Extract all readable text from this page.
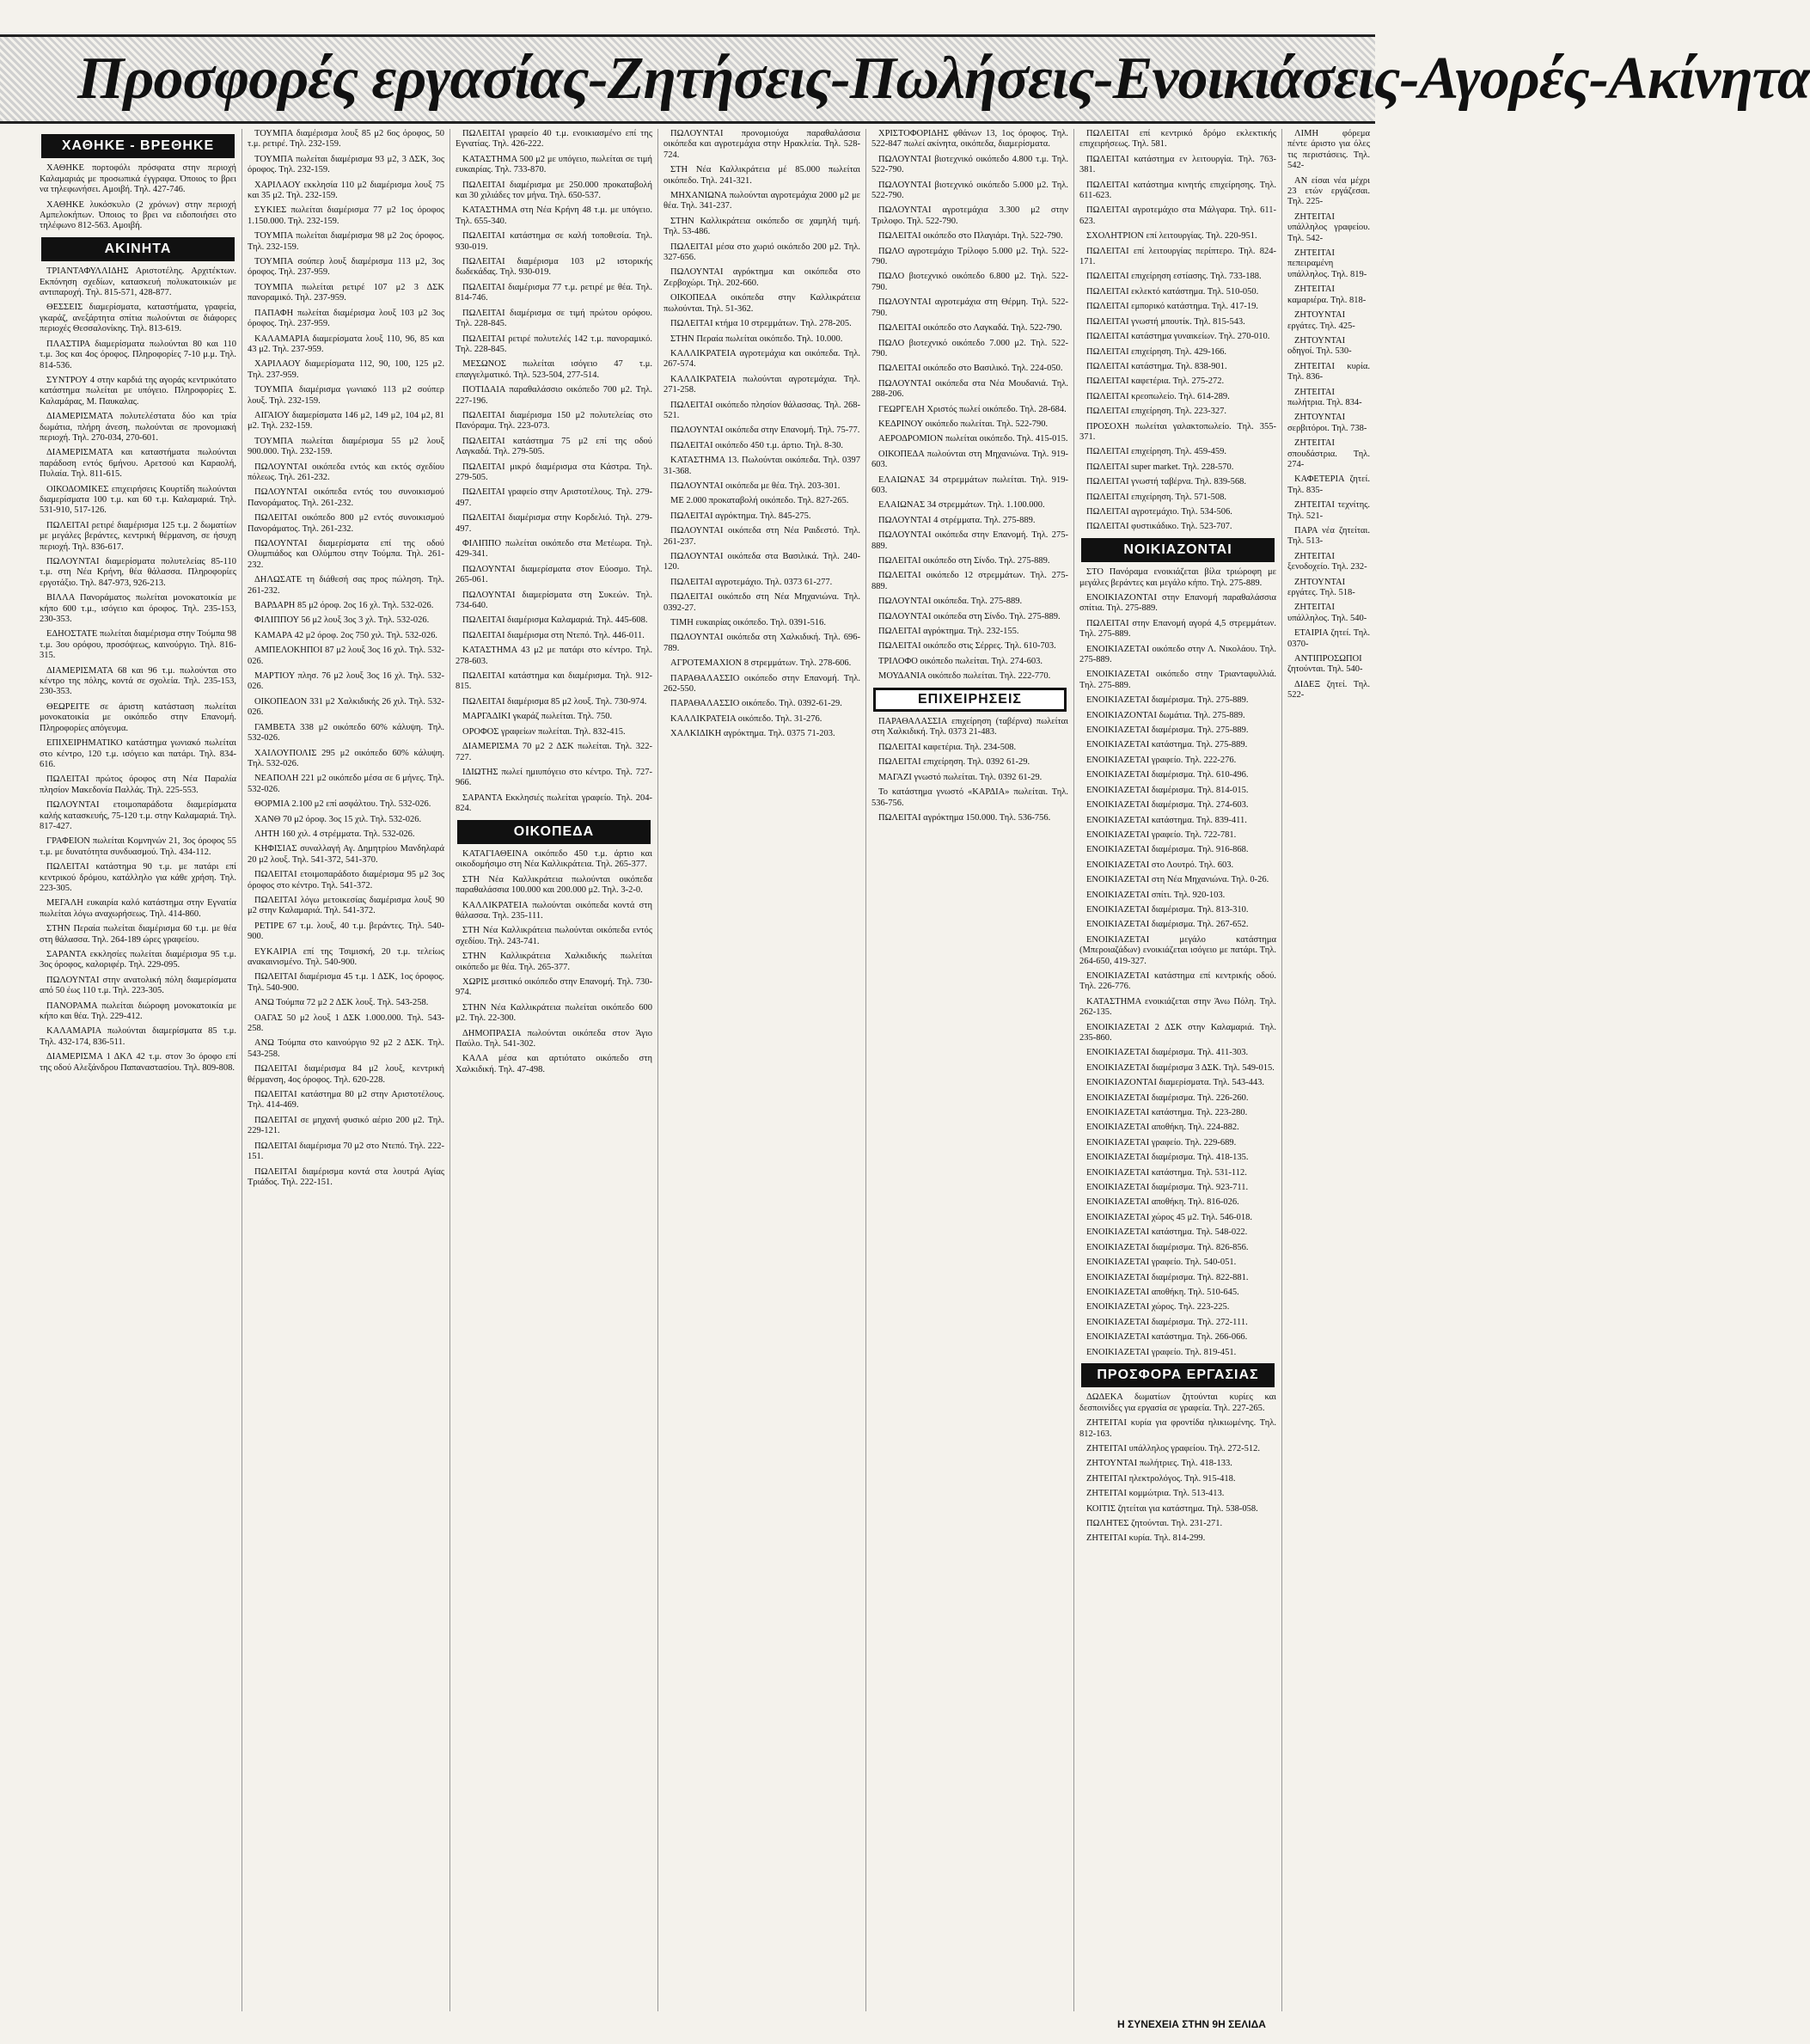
Προσφορές εργασίας-Ζητήσεις-Πωλήσεις-Ενοικιάσεις-Αγορές-Ακίνητα
ΧΑΘΗΚΕ - ΒΡΕΘΗΚΕ

ΧΑΘΗΚΕ πορτοφόλι πρόσφατα στην περιοχή Καλαμαριάς με προσωπικά έγγραφα. Όποιος το βρει να τηλεφωνήσει. Αμοιβή. Τηλ. 427-746.

ΧΑΘΗΚΕ λυκόσκυλο (2 χρόνων) στην περιοχή Αμπελοκήπων. Όποιος το βρει να ειδοποιήσει στο τηλέφωνο 812-563. Αμοιβή.

ΑΚΙΝΗΤΑ

ΤΡΙΑΝΤΑΦΥΛΛΙΔΗΣ Αριστοτέλης. Αρχιτέκτων. Εκπόνηση σχεδίων, κατασκευή πολυκατοικιών με αντιπαροχή. Τηλ. 815-571, 428-877.

ΘΕΣΣΕΙΣ διαμερίσματα, καταστήματα, γραφεία, γκαράζ, ανεξάρτητα σπίτια πωλούνται σε διάφορες περιοχές Θεσσαλονίκης. Τηλ. 813-619.

ΠΛΑΣΤΙΡΑ διαμερίσματα πωλούνται 80 και 110 τ.μ. 3ος και 4ος όροφος. Πληροφορίες 7-10 μ.μ. Τηλ. 814-536.

ΣΥΝΤΡΟΥ 4 στην καρδιά της αγοράς κεντρικότατο κατάστημα πωλείται με υπόγειο. Πληροφορίες Σ. Καλαμάρας, Μ. Παυκαλας.

ΔΙΑΜΕΡΙΣΜΑΤΑ πολυτελέστατα δύο και τρία δωμάτια, πλήρη άνεση, πωλούνται σε προνομιακή περιοχή. Τηλ. 270-034, 270-601.

ΔΙΑΜΕΡΙΣΜΑΤΑ και καταστήματα πωλούνται παράδοση εντός 6μήνου. Αρετσού και Καραολή, Πυλαία. Τηλ. 811-615.

ΟΙΚΟΔΟΜΙΚΕΣ επιχειρήσεις Κουρτίδη πωλούνται διαμερίσματα 100 τ.μ. και 60 τ.μ. Καλαμαριά. Τηλ. 531-910, 517-126.

ΠΩΛΕΙΤΑΙ ρετιρέ διαμέρισμα 125 τ.μ. 2 δωματίων με μεγάλες βεράντες, κεντρική θέρμανση, σε ήσυχη περιοχή. Τηλ. 836-617.

ΠΩΛΟΥΝΤΑΙ διαμερίσματα πολυτελείας 85-110 τ.μ. στη Νέα Κρήνη, θέα θάλασσα. Πληροφορίες εργοτάξιο. Τηλ. 847-973, 926-213.

ΒΙΛΛΑ Πανοράματος πωλείται μονοκατοικία με κήπο 600 τ.μ., ισόγειο και όροφος. Τηλ. 235-153, 230-353.

ΕΔΗΟΣΤΑΤΕ πωλείται διαμέρισμα στην Τούμπα 98 τ.μ. 3ου ορόφου, προσόψεως, καινούργιο. Τηλ. 816-315.

ΔΙΑΜΕΡΙΣΜΑΤΑ 68 και 96 τ.μ. πωλούνται στο κέντρο της πόλης, κοντά σε σχολεία. Τηλ. 235-153, 230-353.

ΘΕΩΡΕΙΤΕ σε άριστη κατάσταση πωλείται μονοκατοικία με οικόπεδο στην Επανομή. Πληροφορίες απόγευμα.

ΕΠΙΧΕΙΡΗΜΑΤΙΚΟ κατάστημα γωνιακό πωλείται στο κέντρο, 120 τ.μ. ισόγειο και πατάρι. Τηλ. 834-616.

ΠΩΛΕΙΤΑΙ πρώτος όροφος στη Νέα Παραλία πλησίον Μακεδονία Παλλάς. Τηλ. 225-553.

ΠΩΛΟΥΝΤΑΙ ετοιμοπαράδοτα διαμερίσματα καλής κατασκευής, 75-120 τ.μ. στην Καλαμαριά. Τηλ. 817-427.

ΓΡΑΦΕΙΟΝ πωλείται Κομνηνών 21, 3ος όροφος 55 τ.μ. με δυνατότητα συνδυασμού. Τηλ. 434-112.

ΠΩΛΕΙΤΑΙ κατάστημα 90 τ.μ. με πατάρι επί κεντρικού δρόμου, κατάλληλο για κάθε χρήση. Τηλ. 223-305.

ΜΕΓΑΛΗ ευκαιρία καλό κατάστημα στην Εγνατία πωλείται λόγω αναχωρήσεως. Τηλ. 414-860.

ΣΤΗΝ Περαία πωλείται διαμέρισμα 60 τ.μ. με θέα στη θάλασσα. Τηλ. 264-189 ώρες γραφείου.

ΣΑΡΑΝΤΑ εκκλησίες πωλείται διαμέρισμα 95 τ.μ. 3ος όροφος, καλοριφέρ. Τηλ. 229-095.

ΠΩΛΟΥΝΤΑΙ στην ανατολική πόλη διαμερίσματα από 50 έως 110 τ.μ. Τηλ. 223-305.

ΠΑΝΟΡΑΜΑ πωλείται διώροφη μονοκατοικία με κήπο και θέα. Τηλ. 229-412.

ΚΑΛΑΜΑΡΙΑ πωλούνται διαμερίσματα 85 τ.μ. Τηλ. 432-174, 836-511.

ΔΙΑΜΕΡΙΣΜΑ 1 ΔΚΛ 42 τ.μ. στον 3ο όροφο επί της οδού Αλεξάνδρου Παπαναστασίου. Τηλ. 809-808.

ΤΟΥΜΠΑ διαμέρισμα λουξ 85 μ2 6ος όροφος, 50 τ.μ. ρετιρέ. Τηλ. 232-159.

ΤΟΥΜΠΑ πωλείται διαμέρισμα 93 μ2, 3 ΔΣΚ, 3ος όροφος. Τηλ. 232-159.

ΧΑΡΙΛΑΟΥ εκκλησία 110 μ2 διαμέρισμα λουξ 75 και 35 μ2. Τηλ. 232-159.

ΣΥΚΙΕΣ πωλείται διαμέρισμα 77 μ2 1ος όροφος 1.150.000. Τηλ. 232-159.

ΤΟΥΜΠΑ πωλείται διαμέρισμα 98 μ2 2ος όροφος. Τηλ. 232-159.

ΤΟΥΜΠΑ σούπερ λουξ διαμέρισμα 113 μ2, 3ος όροφος. Τηλ. 237-959.

ΤΟΥΜΠΑ πωλείται ρετιρέ 107 μ2 3 ΔΣΚ πανοραμικό. Τηλ. 237-959.

ΠΑΠΑΦΗ πωλείται διαμέρισμα λουξ 103 μ2 3ος όροφος. Τηλ. 237-959.

ΚΑΛΑΜΑΡΙΑ διαμερίσματα λουξ 110, 96, 85 και 43 μ2. Τηλ. 237-959.

ΧΑΡΙΛΑΟΥ διαμερίσματα 112, 90, 100, 125 μ2. Τηλ. 237-959.

ΤΟΥΜΠΑ διαμέρισμα γωνιακό 113 μ2 σούπερ λουξ. Τηλ. 232-159.

ΑΙΓΑΙΟΥ διαμερίσματα 146 μ2, 149 μ2, 104 μ2, 81 μ2. Τηλ. 232-159.

ΤΟΥΜΠΑ πωλείται διαμέρισμα 55 μ2 λουξ 900.000. Τηλ. 232-159.

ΠΩΛΟΥΝΤΑΙ οικόπεδα εντός και εκτός σχεδίου πόλεως. Τηλ. 261-232.

ΠΩΛΟΥΝΤΑΙ οικόπεδα εντός του συνοικισμού Πανοράματος. Τηλ. 261-232.

ΠΩΛΕΙΤΑΙ οικόπεδο 800 μ2 εντός συνοικισμού Πανοράματος. Τηλ. 261-232.

ΠΩΛΟΥΝΤΑΙ διαμερίσματα επί της οδού Ολυμπιάδος και Ολύμπου στην Τούμπα. Τηλ. 261-232.

ΔΗΛΩΣΑΤΕ τη διάθεσή σας προς πώληση. Τηλ. 261-232.

ΒΑΡΔΑΡΗ 85 μ2 όροφ. 2ος 16 χλ. Τηλ. 532-026.

ΦΙΛΙΠΠΟΥ 56 μ2 λουξ 3ος 3 χλ. Τηλ. 532-026.

ΚΑΜΑΡΑ 42 μ2 όροφ. 2ος 750 χιλ. Τηλ. 532-026.

ΑΜΠΕΛΟΚΗΠΟΙ 87 μ2 λουξ 3ος 16 χιλ. Τηλ. 532-026.

ΜΑΡΤΙΟΥ πλησ. 76 μ2 λουξ 3ος 16 χλ. Τηλ. 532-026.

ΟΙΚΟΠΕΔΟΝ 331 μ2 Χαλκιδικής 26 χιλ. Τηλ. 532-026.

ΓΑΜΒΕΤΑ 338 μ2 οικόπεδο 60% κάλυψη. Τηλ. 532-026.

ΧΑΙΛΟΥΠΟΛΙΣ 295 μ2 οικόπεδο 60% κάλυψη. Τηλ. 532-026.

ΝΕΑΠΟΛΗ 221 μ2 οικόπεδο μέσα σε 6 μήνες. Τηλ. 532-026.

ΘΟΡΜΙΑ 2.100 μ2 επί ασφάλτου. Τηλ. 532-026.

ΧΑΝΘ 70 μ2 όροφ. 3ος 15 χιλ. Τηλ. 532-026.

ΛΗΤΗ 160 χιλ. 4 στρέμματα. Τηλ. 532-026.

ΚΗΦΙΣΙΑΣ συναλλαγή Αγ. Δημητρίου Μανδηλαρά 20 μ2 λουξ. Τηλ. 541-372, 541-370.

ΠΩΛΕΙΤΑΙ ετοιμοπαράδοτο διαμέρισμα 95 μ2 3ος όροφος στο κέντρο. Τηλ. 541-372.

ΠΩΛΕΙΤΑΙ λόγω μετοικεσίας διαμέρισμα λουξ 90 μ2 στην Καλαμαριά. Τηλ. 541-372.

ΡΕΤΙΡΕ 67 τ.μ. λουξ, 40 τ.μ. βεράντες. Τηλ. 540-900.

ΕΥΚΑΙΡΙΑ επί της Τσιμισκή, 20 τ.μ. τελείως ανακαινισμένο. Τηλ. 540-900.

ΠΩΛΕΙΤΑΙ διαμέρισμα 45 τ.μ. 1 ΔΣΚ, 1ος όροφος. Τηλ. 540-900.

ΑΝΩ Τούμπα 72 μ2 2 ΔΣΚ λουξ. Τηλ. 543-258.

ΟΑΓΑΣ 50 μ2 λουξ 1 ΔΣΚ 1.000.000. Τηλ. 543-258.

ΑΝΩ Τούμπα στο καινούργιο 92 μ2 2 ΔΣΚ. Τηλ. 543-258.

ΠΩΛΕΙΤΑΙ διαμέρισμα 84 μ2 λουξ, κεντρική θέρμανση, 4ος όροφος. Τηλ. 620-228.

ΠΩΛΕΙΤΑΙ κατάστημα 80 μ2 στην Αριστοτέλους. Τηλ. 414-469.

ΠΩΛΕΙΤΑΙ σε μηχανή φυσικό αέριο 200 μ2. Τηλ. 229-121.

ΠΩΛΕΙΤΑΙ διαμέρισμα 70 μ2 στο Ντεπό. Τηλ. 222-151.

ΠΩΛΕΙΤΑΙ διαμέρισμα κοντά στα λουτρά Αγίας Τριάδος. Τηλ. 222-151.

ΠΩΛΕΙΤΑΙ γραφείο 40 τ.μ. ενοικιασμένο επί της Εγνατίας. Τηλ. 426-222.

ΚΑΤΑΣΤΗΜΑ 500 μ2 με υπόγειο, πωλείται σε τιμή ευκαιρίας. Τηλ. 733-870.

ΠΩΛΕΙΤΑΙ διαμέρισμα με 250.000 προκαταβολή και 30 χιλιάδες τον μήνα. Τηλ. 650-537.

ΚΑΤΑΣΤΗΜΑ στη Νέα Κρήνη 48 τ.μ. με υπόγειο. Τηλ. 655-340.

ΠΩΛΕΙΤΑΙ κατάστημα σε καλή τοποθεσία. Τηλ. 930-019.

ΠΩΛΕΙΤΑΙ διαμέρισμα 103 μ2 ιστορικής δωδεκάδας. Τηλ. 930-019.

ΠΩΛΕΙΤΑΙ διαμέρισμα 77 τ.μ. ρετιρέ με θέα. Τηλ. 814-746.

ΠΩΛΕΙΤΑΙ διαμέρισμα σε τιμή πρώτου ορόφου. Τηλ. 228-845.

ΠΩΛΕΙΤΑΙ ρετιρέ πολυτελές 142 τ.μ. πανοραμικό. Τηλ. 228-845.

ΜΕΣΩΝΟΣ πωλείται ισόγειο 47 τ.μ. επαγγελματικό. Τηλ. 523-504, 277-514.

ΠΟΤΙΔΑΙΑ παραθαλάσσιο οικόπεδο 700 μ2. Τηλ. 227-196.

ΠΩΛΕΙΤΑΙ διαμέρισμα 150 μ2 πολυτελείας στο Πανόραμα. Τηλ. 223-073.

ΠΩΛΕΙΤΑΙ κατάστημα 75 μ2 επί της οδού Λαγκαδά. Τηλ. 279-505.

ΠΩΛΕΙΤΑΙ μικρό διαμέρισμα στα Κάστρα. Τηλ. 279-505.

ΠΩΛΕΙΤΑΙ γραφείο στην Αριστοτέλους. Τηλ. 279-497.

ΠΩΛΕΙΤΑΙ διαμέρισμα στην Κορδελιό. Τηλ. 279-497.

ΦΙΛΙΠΠΟ πωλείται οικόπεδο στα Μετέωρα. Τηλ. 429-341.

ΠΩΛΟΥΝΤΑΙ διαμερίσματα στον Εύοσμο. Τηλ. 265-061.

ΠΩΛΟΥΝΤΑΙ διαμερίσματα στη Συκεών. Τηλ. 734-640.

ΠΩΛΕΙΤΑΙ διαμέρισμα Καλαμαριά. Τηλ. 445-608.

ΠΩΛΕΙΤΑΙ διαμέρισμα στη Ντεπό. Τηλ. 446-011.

ΚΑΤΑΣΤΗΜΑ 43 μ2 με πατάρι στο κέντρο. Τηλ. 278-603.

ΠΩΛΕΙΤΑΙ κατάστημα και διαμέρισμα. Τηλ. 912-815.

ΠΩΛΕΙΤΑΙ διαμέρισμα 85 μ2 λουξ. Τηλ. 730-974.

ΜΑΡΓΑΔΙΚΙ γκαράζ πωλείται. Τηλ. 750.

ΟΡΟΦΟΣ γραφείων πωλείται. Τηλ. 832-415.

ΔΙΑΜΕΡΙΣΜΑ 70 μ2 2 ΔΣΚ πωλείται. Τηλ. 322-727.

ΙΔΙΩΤΗΣ πωλεί ημιυπόγειο στο κέντρο. Τηλ. 727-966.

ΣΑΡΑΝΤΑ Εκκλησιές πωλείται γραφείο. Τηλ. 204-824.

ΟΙΚΟΠΕΔΑ

ΚΑΤΑΓΙΑΘΕΙΝΑ οικόπεδο 450 τ.μ. άρτιο και οικοδομήσιμο στη Νέα Καλλικράτεια. Τηλ. 265-377.

ΣΤΗ Νέα Καλλικράτεια πωλούνται οικόπεδα παραθαλάσσια 100.000 και 200.000 μ2. Τηλ. 3-2-0.

ΚΑΛΛΙΚΡΑΤΕΙΑ πωλούνται οικόπεδα κοντά στη θάλασσα. Τηλ. 235-111.

ΣΤΗ Νέα Καλλικράτεια πωλούνται οικόπεδα εντός σχεδίου. Τηλ. 243-741.

ΣΤΗΝ Καλλικράτεια Χαλκιδικής πωλείται οικόπεδο με θέα. Τηλ. 265-377.

ΧΩΡΙΣ μεσιτικό οικόπεδο στην Επανομή. Τηλ. 730-974.

ΣΤΗΝ Νέα Καλλικράτεια πωλείται οικόπεδο 600 μ2. Τηλ. 22-300.

ΔΗΜΟΠΡΑΣΙΑ πωλούνται οικόπεδα στον Άγιο Παύλο. Τηλ. 541-302.

ΚΑΛΑ μέσα και αρτιότατο οικόπεδο στη Χαλκιδική. Τηλ. 47-498.

ΠΩΛΟΥΝΤΑΙ προνομιούχα παραθαλάσσια οικόπεδα και αγροτεμάχια στην Ηρακλεία. Τηλ. 528-724.

ΣΤΗ Νέα Καλλικράτεια μέ 85.000 πωλείται οικόπεδο. Τηλ. 241-321.

ΜΗΧΑΝΙΩΝΑ πωλούνται αγροτεμάχια 2000 μ2 με θέα. Τηλ. 341-237.

ΣΤΗΝ Καλλικράτεια οικόπεδο σε χαμηλή τιμή. Τηλ. 53-486.

ΠΩΛΕΙΤΑΙ μέσα στο χωριό οικόπεδο 200 μ2. Τηλ. 327-656.

ΠΩΛΟΥΝΤΑΙ αγρόκτημα και οικόπεδα στο Ζερβοχώρι. Τηλ. 202-660.

ΟΙΚΟΠΕΔΑ οικόπεδα στην Καλλικράτεια πωλούνται. Τηλ. 51-362.

ΠΩΛΕΙΤΑΙ κτήμα 10 στρεμμάτων. Τηλ. 278-205.

ΣΤΗΝ Περαία πωλείται οικόπεδο. Τηλ. 10.000.

ΚΑΛΛΙΚΡΑΤΕΙΑ αγροτεμάχια και οικόπεδα. Τηλ. 267-574.

ΚΑΛΛΙΚΡΑΤΕΙΑ πωλούνται αγροτεμάχια. Τηλ. 271-258.

ΠΩΛΕΙΤΑΙ οικόπεδο πλησίον θάλασσας. Τηλ. 268-521.

ΠΩΛΟΥΝΤΑΙ οικόπεδα στην Επανομή. Τηλ. 75-77.

ΠΩΛΕΙΤΑΙ οικόπεδο 450 τ.μ. άρτιο. Τηλ. 8-30.

ΚΑΤΑΣΤΗΜΑ 13. Πωλούνται οικόπεδα. Τηλ. 0397 31-368.

ΠΩΛΟΥΝΤΑΙ οικόπεδα με θέα. Τηλ. 203-301.

ΜΕ 2.000 προκαταβολή οικόπεδο. Τηλ. 827-265.

ΠΩΛΕΙΤΑΙ αγρόκτημα. Τηλ. 845-275.

ΠΩΛΟΥΝΤΑΙ οικόπεδα στη Νέα Ραιδεστό. Τηλ. 261-237.

ΠΩΛΟΥΝΤΑΙ οικόπεδα στα Βασιλικά. Τηλ. 240-120.

ΠΩΛΕΙΤΑΙ αγροτεμάχιο. Τηλ. 0373 61-277.

ΠΩΛΕΙΤΑΙ οικόπεδο στη Νέα Μηχανιώνα. Τηλ. 0392-27.

ΤΙΜΗ ευκαιρίας οικόπεδο. Τηλ. 0391-516.

ΠΩΛΟΥΝΤΑΙ οικόπεδα στη Χαλκιδική. Τηλ. 696-789.

ΑΓΡΟΤΕΜΑΧΙΟΝ 8 στρεμμάτων. Τηλ. 278-606.

ΠΑΡΑΘΑΛΑΣΣΙΟ οικόπεδο στην Επανομή. Τηλ. 262-550.

ΠΑΡΑΘΑΛΑΣΣΙΟ οικόπεδο. Τηλ. 0392-61-29.

ΚΑΛΛΙΚΡΑΤΕΙΑ οικόπεδο. Τηλ. 31-276.

ΧΑΛΚΙΔΙΚΗ αγρόκτημα. Τηλ. 0375 71-203.

ΧΡΙΣΤΟΦΟΡΙΔΗΣ φθάνων 13, 1ος όροφος. Τηλ. 522-847 πωλεί ακίνητα, οικόπεδα, διαμερίσματα.

ΠΩΛΟΥΝΤΑΙ βιοτεχνικό οικόπεδο 4.800 τ.μ. Τηλ. 522-790.

ΠΩΛΟΥΝΤΑΙ βιοτεχνικό οικόπεδο 5.000 μ2. Τηλ. 522-790.

ΠΩΛΟΥΝΤΑΙ αγροτεμάχια 3.300 μ2 στην Τριλοφο. Τηλ. 522-790.

ΠΩΛΕΙΤΑΙ οικόπεδο στο Πλαγιάρι. Τηλ. 522-790.

ΠΩΛΟ αγροτεμάχιο Τρίλοφο 5.000 μ2. Τηλ. 522-790.

ΠΩΛΟ βιοτεχνικό οικόπεδο 6.800 μ2. Τηλ. 522-790.

ΠΩΛΟΥΝΤΑΙ αγροτεμάχια στη Θέρμη. Τηλ. 522-790.

ΠΩΛΕΙΤΑΙ οικόπεδο στο Λαγκαδά. Τηλ. 522-790.

ΠΩΛΟ βιοτεχνικό οικόπεδο 7.000 μ2. Τηλ. 522-790.

ΠΩΛΕΙΤΑΙ οικόπεδο στο Βασιλικό. Τηλ. 224-050.

ΠΩΛΟΥΝΤΑΙ οικόπεδα στα Νέα Μουδανιά. Τηλ. 288-206.

ΓΕΩΡΓΕΛΗ Χριστός πωλεί οικόπεδο. Τηλ. 28-684.

ΚΕΔΡΙΝΟΥ οικόπεδο πωλείται. Τηλ. 522-790.

ΑΕΡΟΔΡΟΜΙΟΝ πωλείται οικόπεδο. Τηλ. 415-015.

ΟΙΚΟΠΕΔΑ πωλούνται στη Μηχανιώνα. Τηλ. 919-603.

ΕΛΑΙΩΝΑΣ 34 στρεμμάτων πωλείται. Τηλ. 919-603.

ΕΛΑΙΩΝΑΣ 34 στρεμμάτων. Τηλ. 1.100.000.

ΠΩΛΟΥΝΤΑΙ 4 στρέμματα. Τηλ. 275-889.

ΠΩΛΟΥΝΤΑΙ οικόπεδα στην Επανομή. Τηλ. 275-889.

ΠΩΛΕΙΤΑΙ οικόπεδο στη Σίνδο. Τηλ. 275-889.

ΠΩΛΕΙΤΑΙ οικόπεδο 12 στρεμμάτων. Τηλ. 275-889.

ΠΩΛΟΥΝΤΑΙ οικόπεδα. Τηλ. 275-889.

ΠΩΛΟΥΝΤΑΙ οικόπεδα στη Σίνδο. Τηλ. 275-889.

ΠΩΛΕΙΤΑΙ αγρόκτημα. Τηλ. 232-155.

ΠΩΛΕΙΤΑΙ οικόπεδο στις Σέρρες. Τηλ. 610-703.

ΤΡΙΛΟΦΟ οικόπεδο πωλείται. Τηλ. 274-603.

ΜΟΥΔΑΝΙΑ οικόπεδο πωλείται. Τηλ. 222-770.

ΕΠΙΧΕΙΡΗΣΕΙΣ

ΠΑΡΑΘΑΛΑΣΣΙΑ επιχείρηση (ταβέρνα) πωλείται στη Χαλκιδική. Τηλ. 0373 21-483.

ΠΩΛΕΙΤΑΙ καφετέρια. Τηλ. 234-508.

ΠΩΛΕΙΤΑΙ επιχείρηση. Τηλ. 0392 61-29.

ΜΑΓΑΖΙ γνωστό πωλείται. Τηλ. 0392 61-29.

Το κατάστημα γνωστό «ΚΑΡΔΙΑ» πωλείται. Τηλ. 536-756.

ΠΩΛΕΙΤΑΙ αγρόκτημα 150.000. Τηλ. 536-756.

ΠΩΛΕΙΤΑΙ επί κεντρικό δρόμο εκλεκτικής επιχειρήσεως. Τηλ. 581.

ΠΩΛΕΙΤΑΙ κατάστημα εν λειτουργία. Τηλ. 763-381.

ΠΩΛΕΙΤΑΙ κατάστημα κινητής επιχείρησης. Τηλ. 611-623.

ΠΩΛΕΙΤΑΙ αγροτεμάχιο στα Μάλγαρα. Τηλ. 611-623.

ΣΧΟΛΗΤΡΙΟΝ επί λειτουργίας. Τηλ. 220-951.

ΠΩΛΕΙΤΑΙ επί λειτουργίας περίπτερο. Τηλ. 824-171.

ΠΩΛΕΙΤΑΙ επιχείρηση εστίασης. Τηλ. 733-188.

ΠΩΛΕΙΤΑΙ εκλεκτό κατάστημα. Τηλ. 510-050.

ΠΩΛΕΙΤΑΙ εμπορικό κατάστημα. Τηλ. 417-19.

ΠΩΛΕΙΤΑΙ γνωστή μπουτίκ. Τηλ. 815-543.

ΠΩΛΕΙΤΑΙ κατάστημα γυναικείων. Τηλ. 270-010.

ΠΩΛΕΙΤΑΙ επιχείρηση. Τηλ. 429-166.

ΠΩΛΕΙΤΑΙ κατάστημα. Τηλ. 838-901.

ΠΩΛΕΙΤΑΙ καφετέρια. Τηλ. 275-272.

ΠΩΛΕΙΤΑΙ κρεοπωλείο. Τηλ. 614-289.

ΠΩΛΕΙΤΑΙ επιχείρηση. Τηλ. 223-327.

ΠΡΟΣΟΧΗ πωλείται γαλακτοπωλείο. Τηλ. 355-371.

ΠΩΛΕΙΤΑΙ επιχείρηση. Τηλ. 459-459.

ΠΩΛΕΙΤΑΙ super market. Τηλ. 228-570.

ΠΩΛΕΙΤΑΙ γνωστή ταβέρνα. Τηλ. 839-568.

ΠΩΛΕΙΤΑΙ επιχείρηση. Τηλ. 571-508.

ΠΩΛΕΙΤΑΙ αγροτεμάχιο. Τηλ. 534-506.

ΠΩΛΕΙΤΑΙ φυστικάδικο. Τηλ. 523-707.

ΝΟΙΚΙΑΖΟΝΤΑΙ

ΣΤΟ Πανόραμα ενοικιάζεται βίλα τριώροφη με μεγάλες βεράντες και μεγάλο κήπο. Τηλ. 275-889.

ΕΝΟΙΚΙΑΖΟΝΤΑΙ στην Επανομή παραθαλάσσια σπίτια. Τηλ. 275-889.

ΠΩΛΕΙΤΑΙ στην Επανομή αγορά 4,5 στρεμμάτων. Τηλ. 275-889.

ΕΝΟΙΚΙΑΖΕΤΑΙ οικόπεδο στην Λ. Νικολάου. Τηλ. 275-889.

ΕΝΟΙΚΙΑΖΕΤΑΙ οικόπεδο στην Τριανταφυλλιά. Τηλ. 275-889.

ΕΝΟΙΚΙΑΖΕΤΑΙ διαμέρισμα. Τηλ. 275-889.

ΕΝΟΙΚΙΑΖΟΝΤΑΙ δωμάτια. Τηλ. 275-889.

ΕΝΟΙΚΙΑΖΕΤΑΙ διαμέρισμα. Τηλ. 275-889.

ΕΝΟΙΚΙΑΖΕΤΑΙ κατάστημα. Τηλ. 275-889.

ΕΝΟΙΚΙΑΖΕΤΑΙ γραφείο. Τηλ. 222-276.

ΕΝΟΙΚΙΑΖΕΤΑΙ διαμέρισμα. Τηλ. 610-496.

ΕΝΟΙΚΙΑΖΕΤΑΙ διαμέρισμα. Τηλ. 814-015.

ΕΝΟΙΚΙΑΖΕΤΑΙ διαμέρισμα. Τηλ. 274-603.

ΕΝΟΙΚΙΑΖΕΤΑΙ κατάστημα. Τηλ. 839-411.

ΕΝΟΙΚΙΑΖΕΤΑΙ γραφείο. Τηλ. 722-781.

ΕΝΟΙΚΙΑΖΕΤΑΙ διαμέρισμα. Τηλ. 916-868.

ΕΝΟΙΚΙΑΖΕΤΑΙ στο Λουτρό. Τηλ. 603.

ΕΝΟΙΚΙΑΖΕΤΑΙ στη Νέα Μηχανιώνα. Τηλ. 0-26.

ΕΝΟΙΚΙΑΖΕΤΑΙ σπίτι. Τηλ. 920-103.

ΕΝΟΙΚΙΑΖΕΤΑΙ διαμέρισμα. Τηλ. 813-310.

ΕΝΟΙΚΙΑΖΕΤΑΙ διαμέρισμα. Τηλ. 267-652.

ΕΝΟΙΚΙΑΖΕΤΑΙ μεγάλο κατάστημα (Μπεροιαζάδων) ενοικιάζεται ισόγειο με πατάρι. Τηλ. 264-650, 419-327.

ΕΝΟΙΚΙΑΖΕΤΑΙ κατάστημα επί κεντρικής οδού. Τηλ. 226-776.

ΚΑΤΑΣΤΗΜΑ ενοικιάζεται στην Άνω Πόλη. Τηλ. 262-135.

ΕΝΟΙΚΙΑΖΕΤΑΙ 2 ΔΣΚ στην Καλαμαριά. Τηλ. 235-860.

ΕΝΟΙΚΙΑΖΕΤΑΙ διαμέρισμα. Τηλ. 411-303.

ΕΝΟΙΚΙΑΖΕΤΑΙ διαμέρισμα 3 ΔΣΚ. Τηλ. 549-015.

ΕΝΟΙΚΙΑΖΟΝΤΑΙ διαμερίσματα. Τηλ. 543-443.

ΕΝΟΙΚΙΑΖΕΤΑΙ διαμέρισμα. Τηλ. 226-260.

ΕΝΟΙΚΙΑΖΕΤΑΙ κατάστημα. Τηλ. 223-280.

ΕΝΟΙΚΙΑΖΕΤΑΙ αποθήκη. Τηλ. 224-882.

ΕΝΟΙΚΙΑΖΕΤΑΙ γραφείο. Τηλ. 229-689.

ΕΝΟΙΚΙΑΖΕΤΑΙ διαμέρισμα. Τηλ. 418-135.

ΕΝΟΙΚΙΑΖΕΤΑΙ κατάστημα. Τηλ. 531-112.

ΕΝΟΙΚΙΑΖΕΤΑΙ διαμέρισμα. Τηλ. 923-711.

ΕΝΟΙΚΙΑΖΕΤΑΙ αποθήκη. Τηλ. 816-026.

ΕΝΟΙΚΙΑΖΕΤΑΙ χώρος 45 μ2. Τηλ. 546-018.

ΕΝΟΙΚΙΑΖΕΤΑΙ κατάστημα. Τηλ. 548-022.

ΕΝΟΙΚΙΑΖΕΤΑΙ διαμέρισμα. Τηλ. 826-856.

ΕΝΟΙΚΙΑΖΕΤΑΙ γραφείο. Τηλ. 540-051.

ΕΝΟΙΚΙΑΖΕΤΑΙ διαμέρισμα. Τηλ. 822-881.

ΕΝΟΙΚΙΑΖΕΤΑΙ αποθήκη. Τηλ. 510-645.

ΕΝΟΙΚΙΑΖΕΤΑΙ χώρος. Τηλ. 223-225.

ΕΝΟΙΚΙΑΖΕΤΑΙ διαμέρισμα. Τηλ. 272-111.

ΕΝΟΙΚΙΑΖΕΤΑΙ κατάστημα. Τηλ. 266-066.

ΕΝΟΙΚΙΑΖΕΤΑΙ γραφείο. Τηλ. 819-451.

ΠΡΟΣΦΟΡΑ ΕΡΓΑΣΙΑΣ

ΔΩΔΕΚΑ δωματίων ζητούνται κυρίες και δεσποινίδες για εργασία σε γραφεία. Τηλ. 227-265.

ΖΗΤΕΙΤΑΙ κυρία για φροντίδα ηλικιωμένης. Τηλ. 812-163.

ΖΗΤΕΙΤΑΙ υπάλληλος γραφείου. Τηλ. 272-512.

ΖΗΤΟΥΝΤΑΙ πωλήτριες. Τηλ. 418-133.

ΖΗΤΕΙΤΑΙ ηλεκτρολόγος. Τηλ. 915-418.

ΖΗΤΕΙΤΑΙ κομμώτρια. Τηλ. 513-413.

ΚΟΙΤΙΣ ζητείται για κατάστημα. Τηλ. 538-058.

ΠΩΛΗΤΕΣ ζητούνται. Τηλ. 231-271.

ΖΗΤΕΙΤΑΙ κυρία. Τηλ. 814-299.

ΛΙΜΗ φόρεμα πέντε άριστο για όλες τις περιστάσεις. Τηλ. 542-

ΑΝ είσαι νέα μέχρι 23 ετών εργάζεσαι. Τηλ. 225-

ΖΗΤΕΙΤΑΙ υπάλληλος γραφείου. Τηλ. 542-

ΖΗΤΕΙΤΑΙ πεπειραμένη υπάλληλος. Τηλ. 819-

ΖΗΤΕΙΤΑΙ καμαριέρα. Τηλ. 818-

ΖΗΤΟΥΝΤΑΙ εργάτες. Τηλ. 425-

ΖΗΤΟΥΝΤΑΙ οδηγοί. Τηλ. 530-

ΖΗΤΕΙΤΑΙ κυρία. Τηλ. 836-

ΖΗΤΕΙΤΑΙ πωλήτρια. Τηλ. 834-

ΖΗΤΟΥΝΤΑΙ σερβιτόροι. Τηλ. 738-

ΖΗΤΕΙΤΑΙ σπουδάστρια. Τηλ. 274-

ΚΑΦΕΤΕΡΙΑ ζητεί. Τηλ. 835-

ΖΗΤΕΙΤΑΙ τεχνίτης. Τηλ. 521-

ΠΑΡΑ νέα ζητείται. Τηλ. 513-

ΖΗΤΕΙΤΑΙ ξενοδοχείο. Τηλ. 232-

ΖΗΤΟΥΝΤΑΙ εργάτες. Τηλ. 518-

ΖΗΤΕΙΤΑΙ υπάλληλος. Τηλ. 540-

ΕΤΑΙΡΙΑ ζητεί. Τηλ. 0370-

ΑΝΤΙΠΡΟΣΩΠΟΙ ζητούνται. Τηλ. 540-

ΔΙΔΕΞ ζητεί. Τηλ. 522-

Η ΣΥΝΕΧΕΙΑ ΣΤΗΝ 9Η ΣΕΛΙΔΑ
